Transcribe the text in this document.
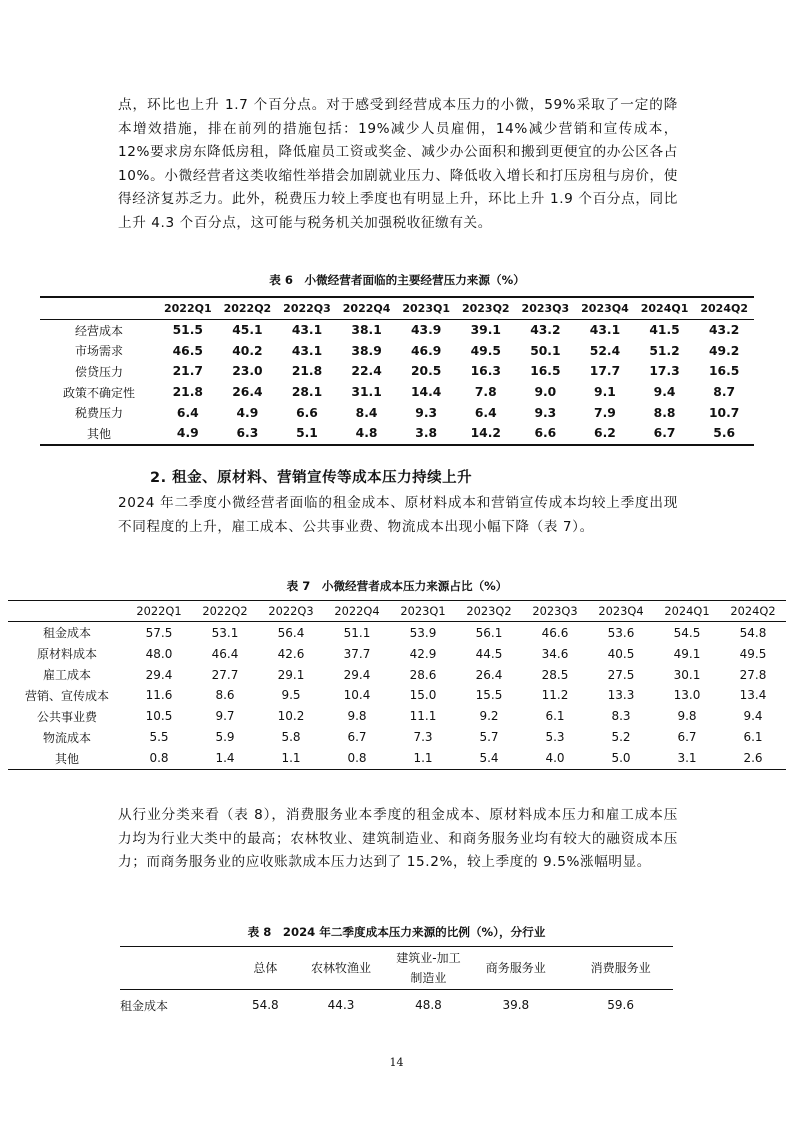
点，环比也上升 1.7 个百分点。对于感受到经营成本压力的小微，59%采取了一定的降本增效措施，排在前列的措施包括：19%减少人员雇佣，14%减少营销和宣传成本，12%要求房东降低房租，降低雇员工资或奖金、减少办公面积和搬到更便宜的办公区各占 10%。小微经营者这类收缩性举措会加剧就业压力、降低收入增长和打压房租与房价，使得经济复苏乏力。此外，税费压力较上季度也有明显上升，环比上升 1.9 个百分点，同比上升 4.3 个百分点，这可能与税务机关加强税收征缴有关。

表 6　小微经营者面临的主要经营压力来源（%）

	2022Q1	2022Q2	2022Q3	2022Q4	2023Q1	2023Q2	2023Q3	2023Q4	2024Q1	2024Q2
经营成本	51.5	45.1	43.1	38.1	43.9	39.1	43.2	43.1	41.5	43.2
市场需求	46.5	40.2	43.1	38.9	46.9	49.5	50.1	52.4	51.2	49.2
偿贷压力	21.7	23.0	21.8	22.4	20.5	16.3	16.5	17.7	17.3	16.5
政策不确定性	21.8	26.4	28.1	31.1	14.4	7.8	9.0	9.1	9.4	8.7
税费压力	6.4	4.9	6.6	8.4	9.3	6.4	9.3	7.9	8.8	10.7
其他	4.9	6.3	5.1	4.8	3.8	14.2	6.6	6.2	6.7	5.6

2. 租金、原材料、营销宣传等成本压力持续上升

2024 年二季度小微经营者面临的租金成本、原材料成本和营销宣传成本均较上季度出现不同程度的上升，雇工成本、公共事业费、物流成本出现小幅下降（表 7）。

表 7　小微经营者成本压力来源占比（%）

	2022Q1	2022Q2	2022Q3	2022Q4	2023Q1	2023Q2	2023Q3	2023Q4	2024Q1	2024Q2
租金成本	57.5	53.1	56.4	51.1	53.9	56.1	46.6	53.6	54.5	54.8
原材料成本	48.0	46.4	42.6	37.7	42.9	44.5	34.6	40.5	49.1	49.5
雇工成本	29.4	27.7	29.1	29.4	28.6	26.4	28.5	27.5	30.1	27.8
营销、宣传成本	11.6	8.6	9.5	10.4	15.0	15.5	11.2	13.3	13.0	13.4
公共事业费	10.5	9.7	10.2	9.8	11.1	9.2	6.1	8.3	9.8	9.4
物流成本	5.5	5.9	5.8	6.7	7.3	5.7	5.3	5.2	6.7	6.1
其他	0.8	1.4	1.1	0.8	1.1	5.4	4.0	5.0	3.1	2.6

从行业分类来看（表 8），消费服务业本季度的租金成本、原材料成本压力和雇工成本压力均为行业大类中的最高；农林牧业、建筑制造业、和商务服务业均有较大的融资成本压力；而商务服务业的应收账款成本压力达到了 15.2%，较上季度的 9.5%涨幅明显。

表 8　2024 年二季度成本压力来源的比例（%），分行业

	总体	农林牧渔业	建筑业-加工制造业	商务服务业	消费服务业
租金成本	54.8	44.3	48.8	39.8	59.6
14
